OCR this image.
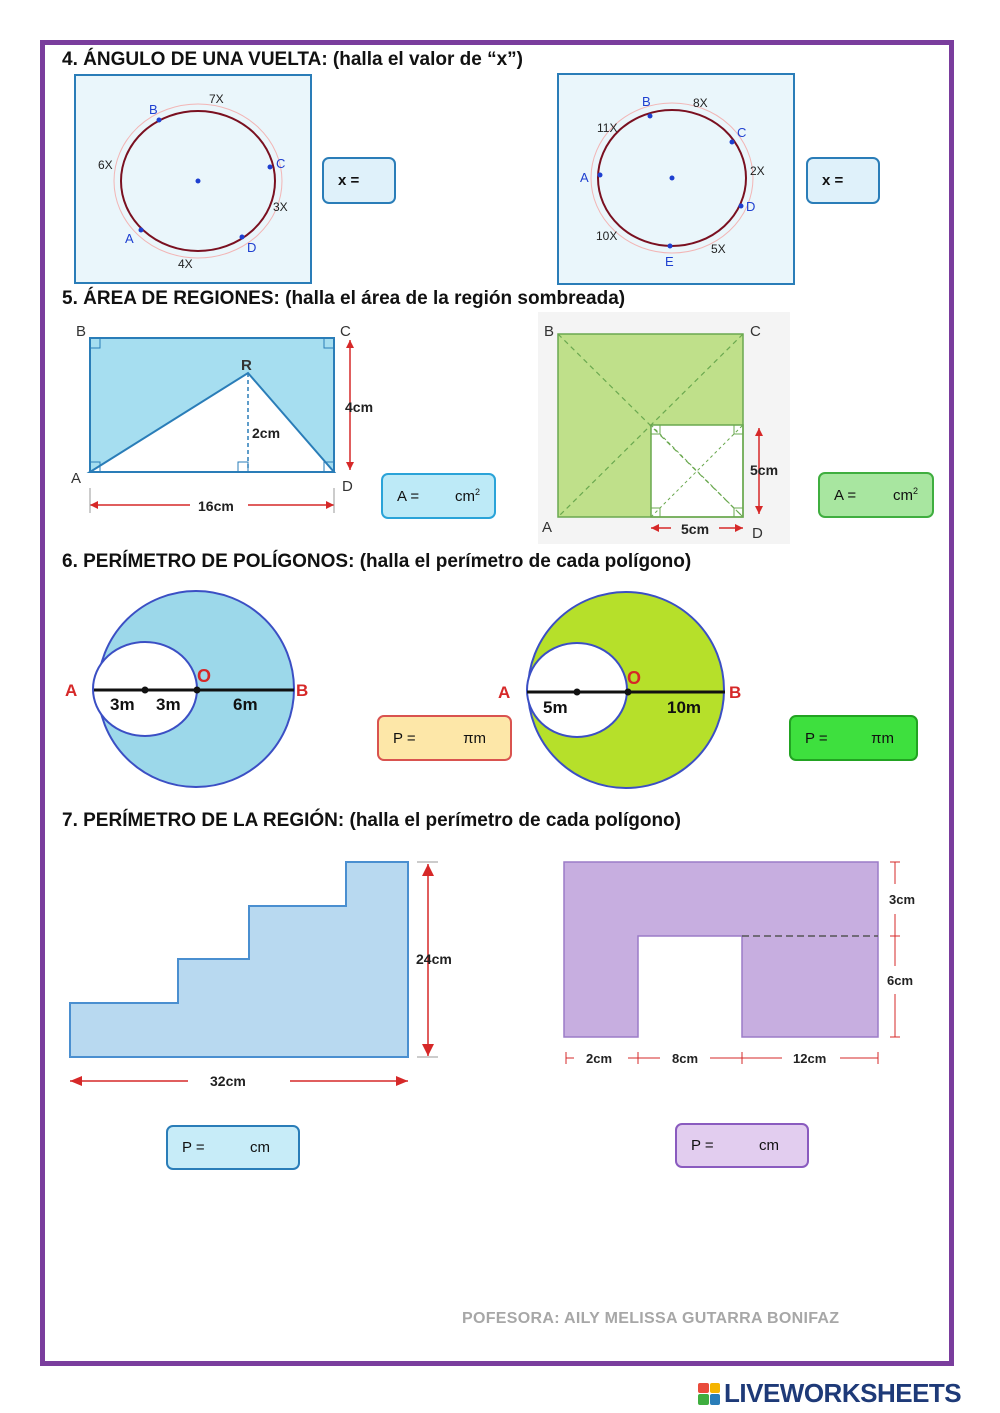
4. ÁNGULO DE UNA VUELTA: (halla el valor de “x”)
B
C
D
A
7X
3X
4X
6X
x =
B
C
D
E
A
8X
2X
5X
10X
11X
x =
5. ÁREA DE REGIONES: (halla el área de la región sombreada)
B	C
A	D
R
4cm
2cm
16cm
$A = cm^2$
B	C
A	D
5cm
5cm
$A = cm^2$
6. PERÍMETRO DE POLÍGONOS: (halla el perímetro de cada polígono)
A
O
B
3m 3m	6m
P =	πm
A
O
B
5m	10m
P =	πm
7. PERÍMETRO DE LA REGIÓN: (halla el perímetro de cada polígono)
24cm
32cm
P =	cm
3cm
6cm
2cm	8cm	12cm
P =	cm
POFESORA: AILY MELISSA GUTARRA BONIFAZ
LIVEWORKSHEETS
